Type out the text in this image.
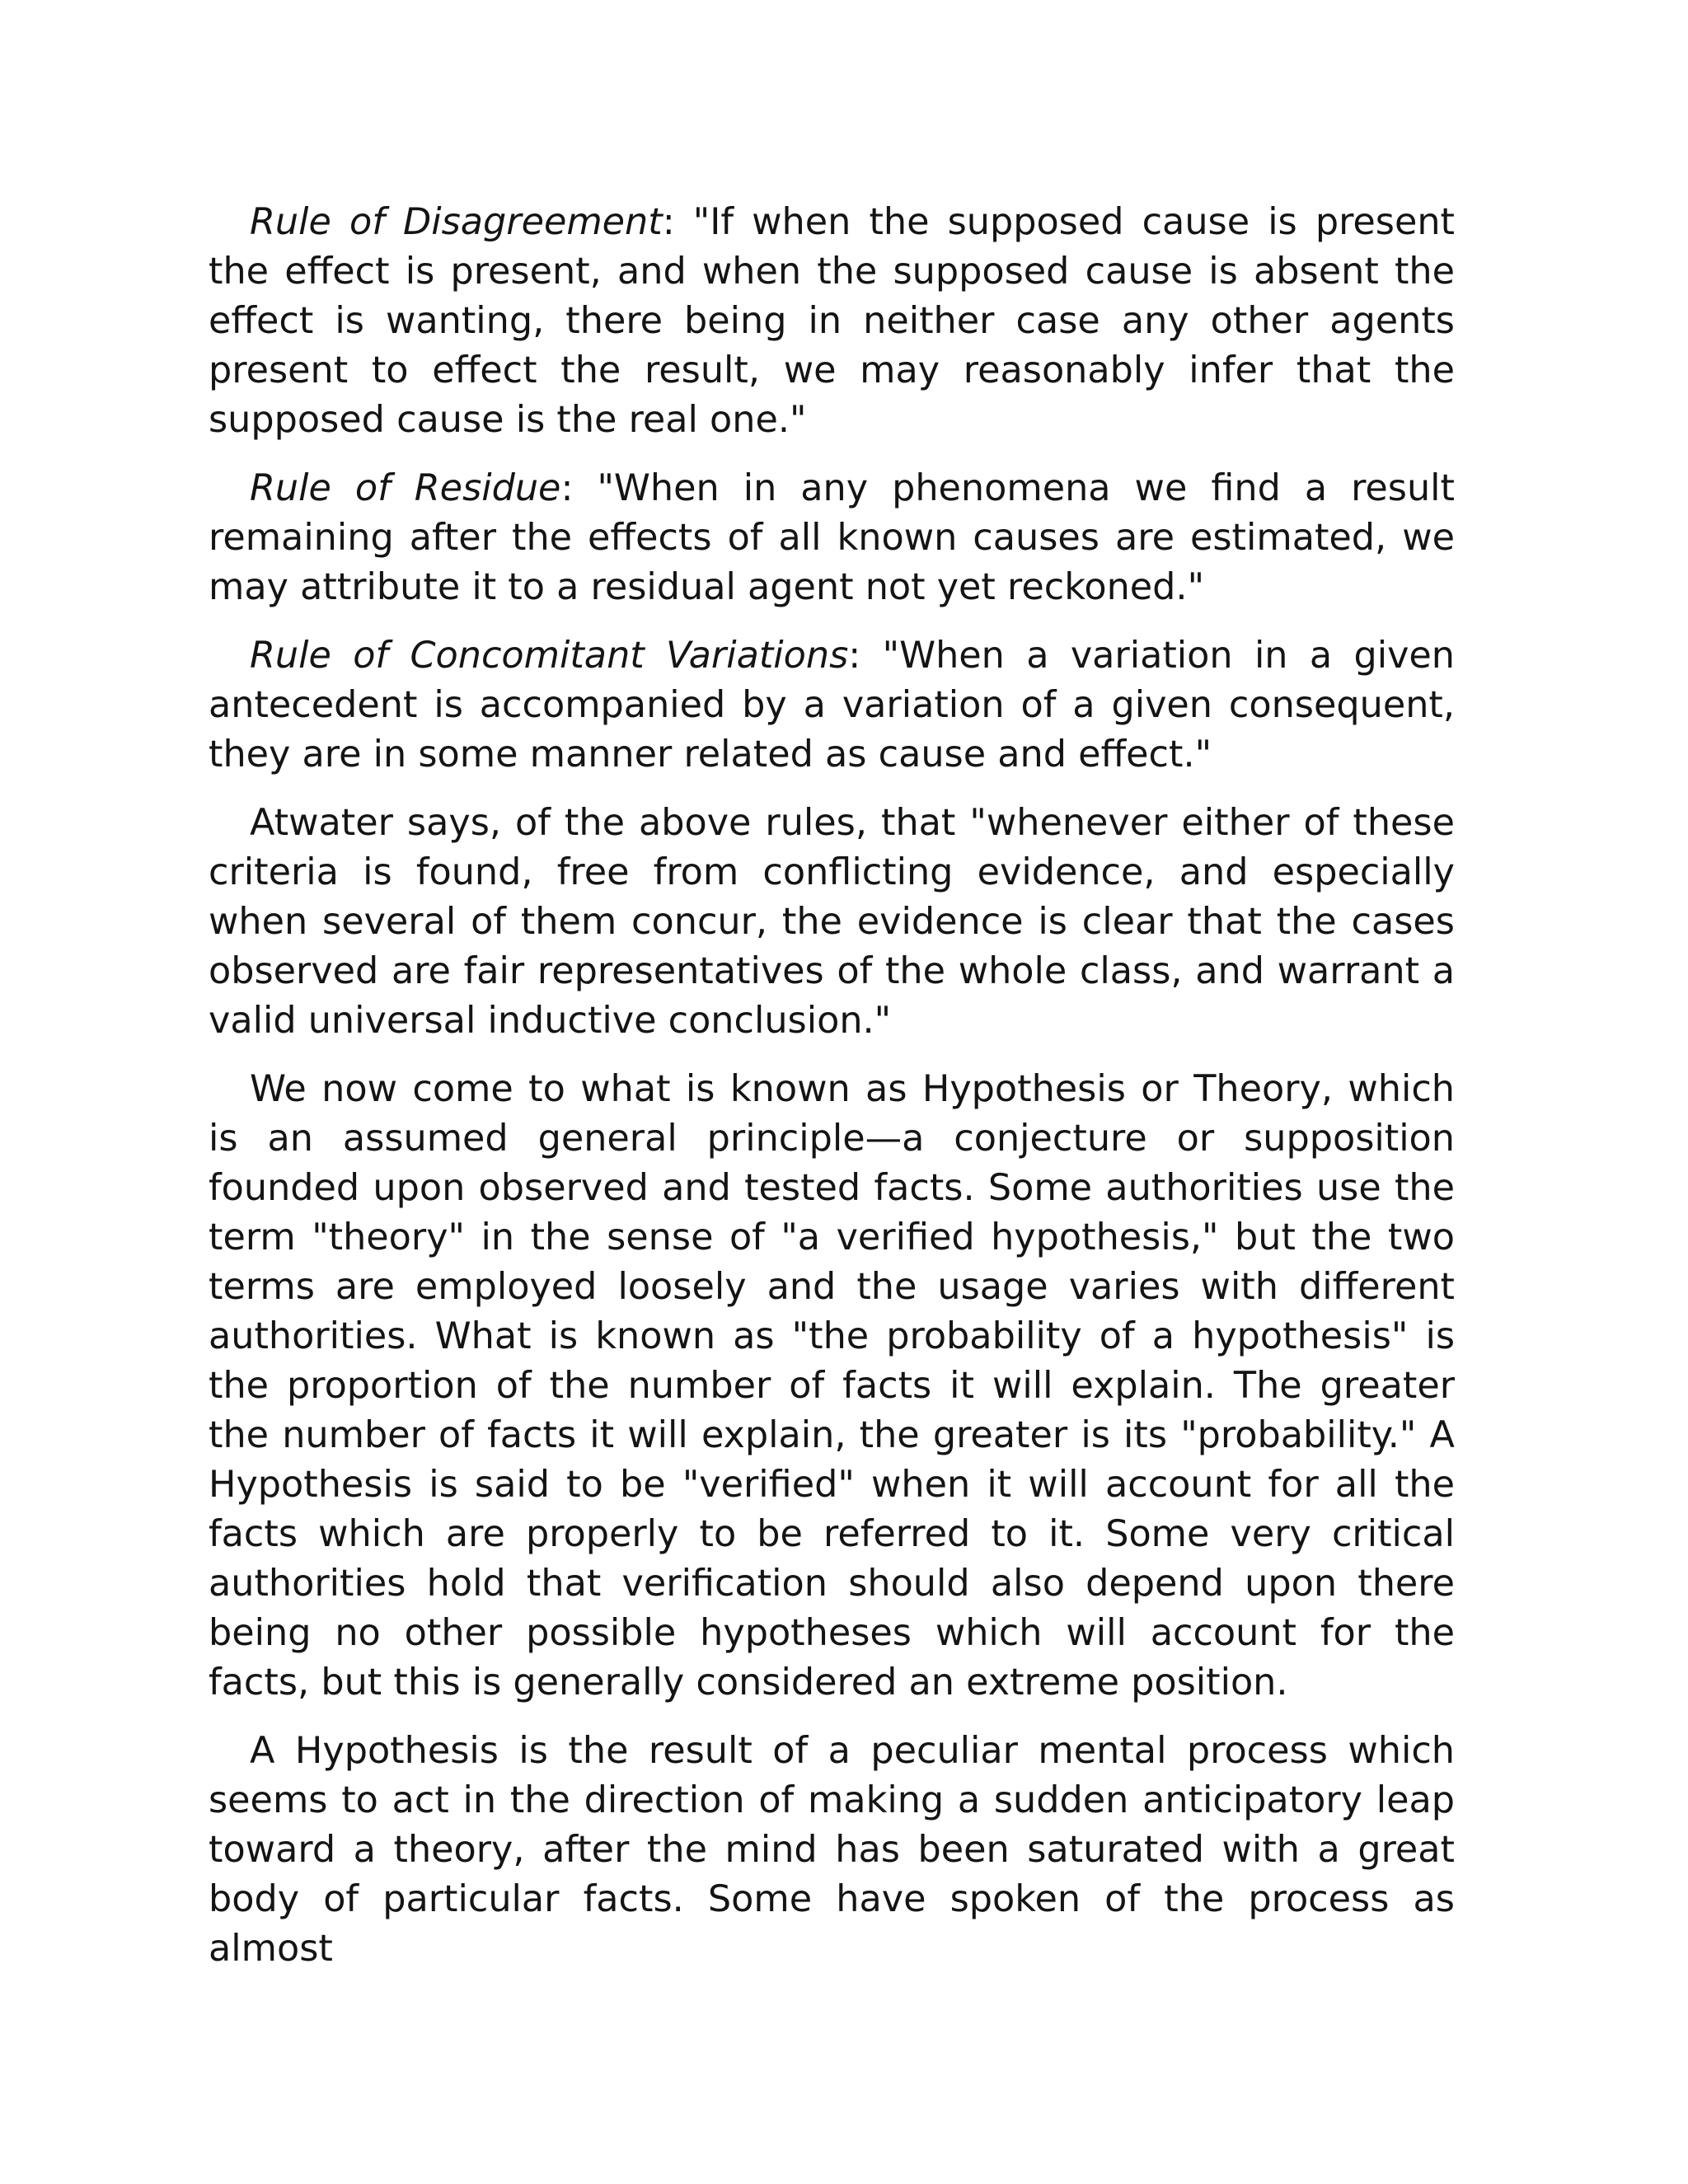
Rule of Disagreement: "If when the supposed cause is present the effect is present, and when the supposed cause is absent the effect is wanting, there being in neither case any other agents present to effect the result, we may reasonably infer that the supposed cause is the real one."

Rule of Residue: "When in any phenomena we find a result remaining after the effects of all known causes are estimated, we may attribute it to a residual agent not yet reckoned."

Rule of Concomitant Variations: "When a variation in a given antecedent is accompanied by a variation of a given consequent, they are in some manner related as cause and effect."

Atwater says, of the above rules, that "whenever either of these criteria is found, free from conflicting evidence, and especially when several of them concur, the evidence is clear that the cases observed are fair representatives of the whole class, and warrant a valid universal inductive conclusion."

We now come to what is known as Hypothesis or Theory, which is an assumed general principle—a conjecture or supposition founded upon observed and tested facts. Some authorities use the term "theory" in the sense of "a verified hypothesis," but the two terms are employed loosely and the usage varies with different authorities. What is known as "the probability of a hypothesis" is the proportion of the number of facts it will explain. The greater the number of facts it will explain, the greater is its "probability." A Hypothesis is said to be "verified" when it will account for all the facts which are properly to be referred to it. Some very critical authorities hold that verification should also depend upon there being no other possible hypotheses which will account for the facts, but this is generally considered an extreme position.

A Hypothesis is the result of a peculiar mental process which seems to act in the direction of making a sudden anticipatory leap toward a theory, after the mind has been saturated with a great body of particular facts. Some have spoken of the process as almost
